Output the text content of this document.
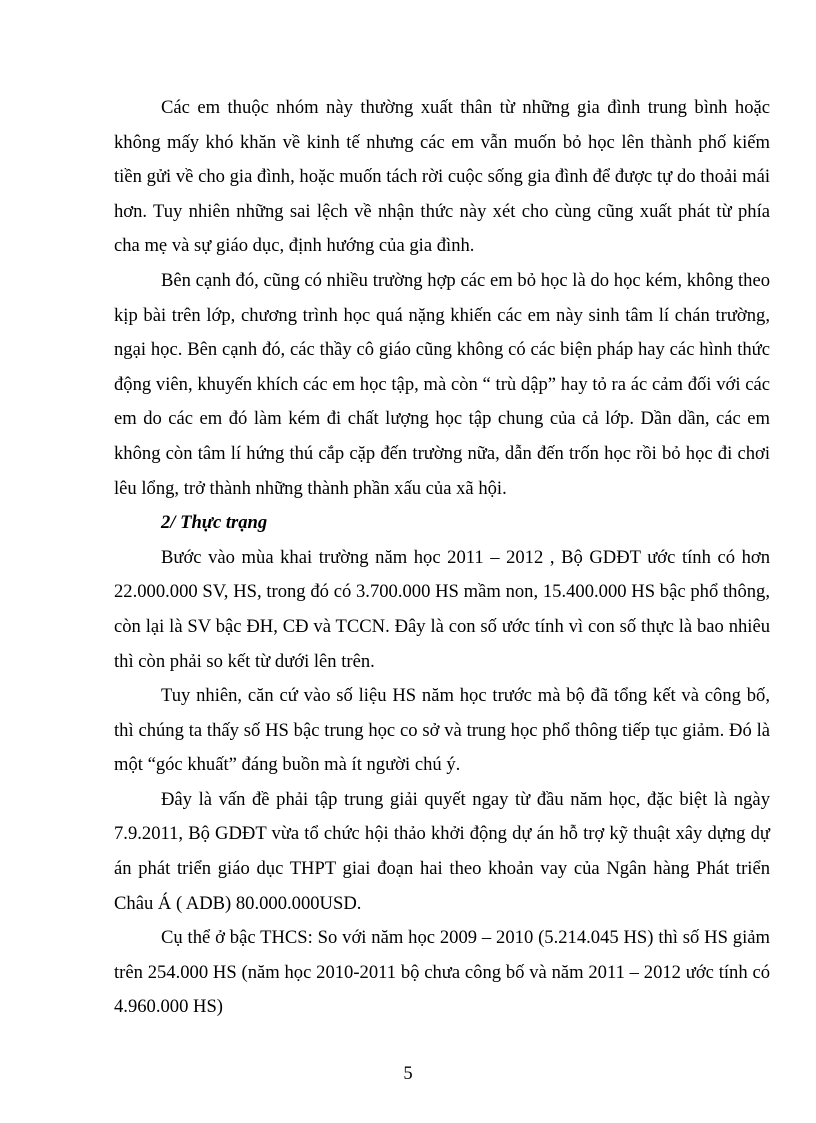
Các em thuộc nhóm này thường xuất thân từ những gia đình trung bình hoặc không mấy khó khăn về kinh tế nhưng các em vẫn muốn bỏ học lên thành phố kiếm tiền gửi về cho gia đình, hoặc muốn tách rời cuộc sống gia đình để được tự do thoải mái hơn. Tuy nhiên những sai lệch về nhận thức này xét cho cùng cũng xuất phát từ phía cha mẹ và sự giáo dục, định hướng của gia đình.

Bên cạnh đó, cũng có nhiều trường hợp các em bỏ học là do học kém, không theo kịp bài trên lớp, chương trình học quá nặng khiến các em này sinh tâm lí chán trường, ngại học. Bên cạnh đó, các thầy cô giáo cũng không có các biện pháp hay các hình thức động viên, khuyến khích các em học tập, mà còn “ trù dập” hay tỏ ra ác cảm đối với các em do các em đó làm kém đi chất lượng học tập chung của cả lớp. Dần dần, các em không còn tâm lí hứng thú cắp cặp đến trường nữa, dẫn đến trốn học rồi bỏ học đi chơi lêu lổng, trở thành những thành phần xấu của xã hội.

2/ Thực trạng

Bước vào mùa khai trường năm học 2011 – 2012 , Bộ GDĐT ước tính có hơn 22.000.000 SV, HS, trong đó có 3.700.000 HS mầm non, 15.400.000 HS bậc phổ thông, còn lại là SV bậc ĐH, CĐ và TCCN. Đây là con số ước tính vì con số thực là bao nhiêu thì còn phải so kết từ dưới lên trên.

Tuy nhiên, căn cứ vào số liệu HS năm học trước mà bộ đã tổng kết và công bố, thì chúng ta thấy số HS bậc trung học co sở và trung học phổ thông tiếp tục giảm. Đó là một “góc khuất” đáng buồn mà ít người chú ý.

Đây là vấn đề phải tập trung giải quyết ngay từ đầu năm học, đặc biệt là ngày 7.9.2011, Bộ GDĐT vừa tổ chức hội thảo khởi động dự án hỗ trợ kỹ thuật xây dựng dự án phát triển giáo dục THPT giai đoạn hai theo khoản vay của Ngân hàng Phát triển Châu Á ( ADB) 80.000.000USD.

Cụ thể ở bậc THCS: So với năm học 2009 – 2010 (5.214.045 HS) thì số HS giảm trên 254.000 HS (năm học 2010-2011 bộ chưa công bố và năm 2011 – 2012 ước tính có 4.960.000 HS)

5
